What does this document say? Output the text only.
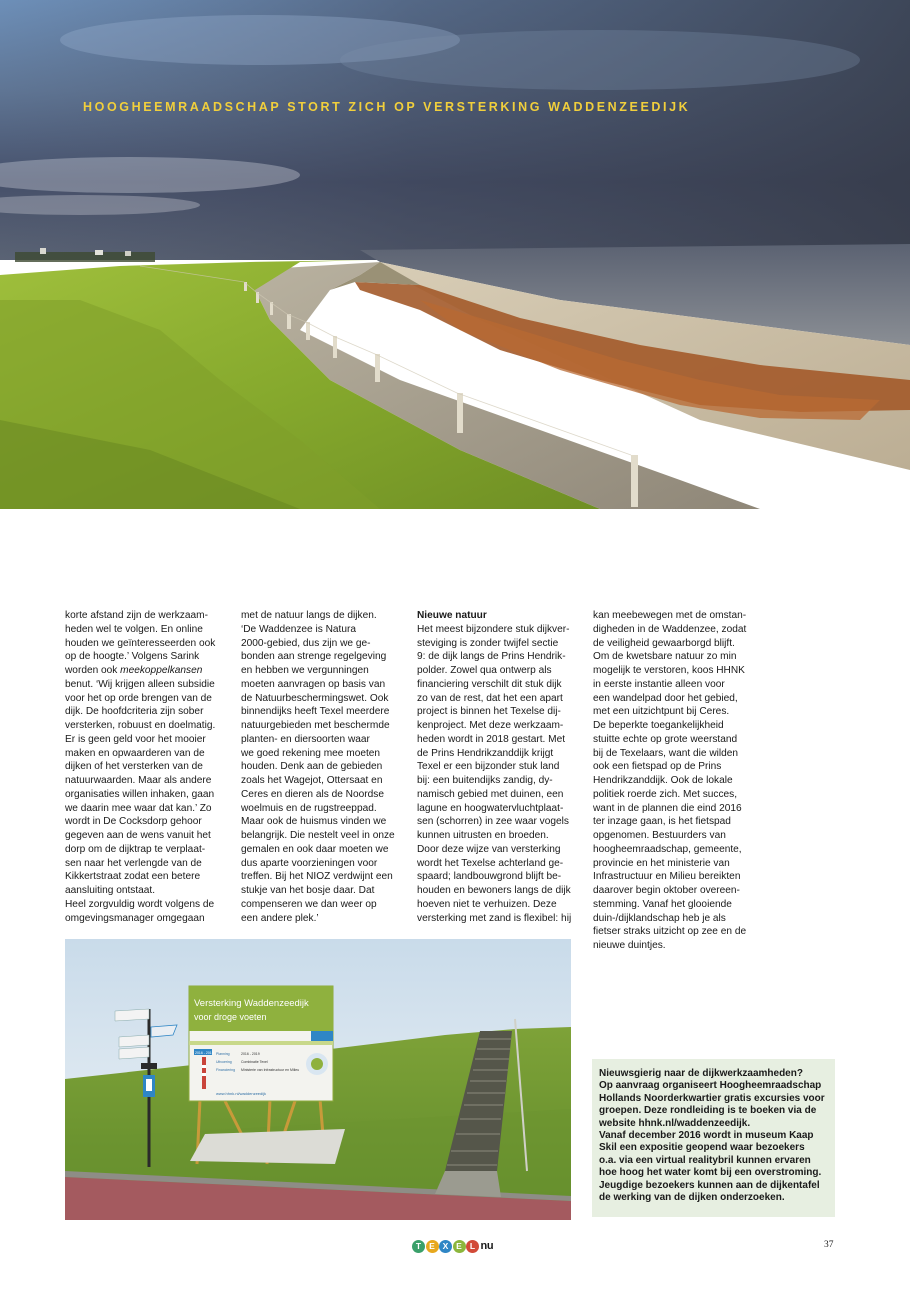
HOOGHEEMRAADSCHAP STORT ZICH OP VERSTERKING WADDENZEEDIJK
korte afstand zijn de werkzaam-
heden wel te volgen. En online
houden we geïnteresseerden ook
op de hoogte.’ Volgens Sarink
worden ook meekoppelkansen
benut. ‘Wij krijgen alleen subsidie
voor het op orde brengen van de
dijk. De hoofdcriteria zijn sober
versterken, robuust en doelmatig.
Er is geen geld voor het mooier
maken en opwaarderen van de
dijken of het versterken van de
natuurwaarden. Maar als andere
organisaties willen inhaken, gaan
we daarin mee waar dat kan.’ Zo
wordt in De Cocksdorp gehoor
gegeven aan de wens vanuit het
dorp om de dijktrap te verplaat-
sen naar het verlengde van de
Kikkertstraat zodat een betere
aansluiting ontstaat.
Heel zorgvuldig wordt volgens de
omgevingsmanager omgegaan
met de natuur langs de dijken.
‘De Waddenzee is Natura
2000-gebied, dus zijn we ge-
bonden aan strenge regelgeving
en hebben we vergunningen
moeten aanvragen op basis van
de Natuurbeschermingswet. Ook
binnendijks heeft Texel meerdere
natuurgebieden met beschermde
planten- en diersoorten waar
we goed rekening mee moeten
houden. Denk aan de gebieden
zoals het Wagejot, Ottersaat en
Ceres en dieren als de Noordse
woelmuis en de rugstreeppad.
Maar ook de huismus vinden we
belangrijk. Die nestelt veel in onze
gemalen en ook daar moeten we
dus aparte voorzieningen voor
treffen. Bij het NIOZ verdwijnt een
stukje van het bosje daar. Dat
compenseren we dan weer op
een andere plek.’
Nieuwe natuur
Het meest bijzondere stuk dijkver-
steviging is zonder twijfel sectie
9: de dijk langs de Prins Hendrik-
polder. Zowel qua ontwerp als
financiering verschilt dit stuk dijk
zo van de rest, dat het een apart
project is binnen het Texelse dij-
kenproject. Met deze werkzaam-
heden wordt in 2018 gestart. Met
de Prins Hendrikzanddijk krijgt
Texel er een bijzonder stuk land
bij: een buitendijks zandig, dy-
namisch gebied met duinen, een
lagune en hoogwatervluchtplaat-
sen (schorren) in zee waar vogels
kunnen uitrusten en broeden.
Door deze wijze van versterking
wordt het Texelse achterland ge-
spaard; landbouwgrond blijft be-
houden en bewoners langs de dijk
hoeven niet te verhuizen. Deze
versterking met zand is flexibel: hij
kan meebewegen met de omstan-
digheden in de Waddenzee, zodat
de veiligheid gewaarborgd blijft.
Om de kwetsbare natuur zo min
mogelijk te verstoren, koos HHNK
in eerste instantie alleen voor
een wandelpad door het gebied,
met een uitzichtpunt bij Ceres.
De beperkte toegankelijkheid
stuitte echte op grote weerstand
bij de Texelaars, want die wilden
ook een fietspad op de Prins
Hendrikzanddijk. Ook de lokale
politiek roerde zich. Met succes,
want in de plannen die eind 2016
ter inzage gaan, is het fietspad
opgenomen. Bestuurders van
hoogheemraadschap, gemeente,
provincie en het ministerie van
Infrastructuur en Milieu bereikten
daarover begin oktober overeen-
stemming. Vanaf het glooiende
duin-/dijklandschap heb je als
fietser straks uitzicht op zee en de
nieuwe duintjes.
Versterking Waddenzeedijk
voor droge voeten
2016 - 2019 Planning	2016 - 2019
Uitvoering	Combinatie Texel
Financiering Ministerie van Infrastructuur en Milieu
www.hhnk.nl/waddenzeedijk
Nieuwsgierig naar de dijkwerkzaamheden?
Op aanvraag organiseert Hoogheemraadschap
Hollands Noorderkwartier gratis excursies voor
groepen. Deze rondleiding is te boeken via de
website hhnk.nl/waddenzeedijk.
Vanaf december 2016 wordt in museum Kaap
Skil een expositie geopend waar bezoekers
o.a. via een virtual realitybril kunnen ervaren
hoe hoog het water komt bij een overstroming.
Jeugdige bezoekers kunnen aan de dijkentafel
de werking van de dijken onderzoeken.
T E X E L nu	37
